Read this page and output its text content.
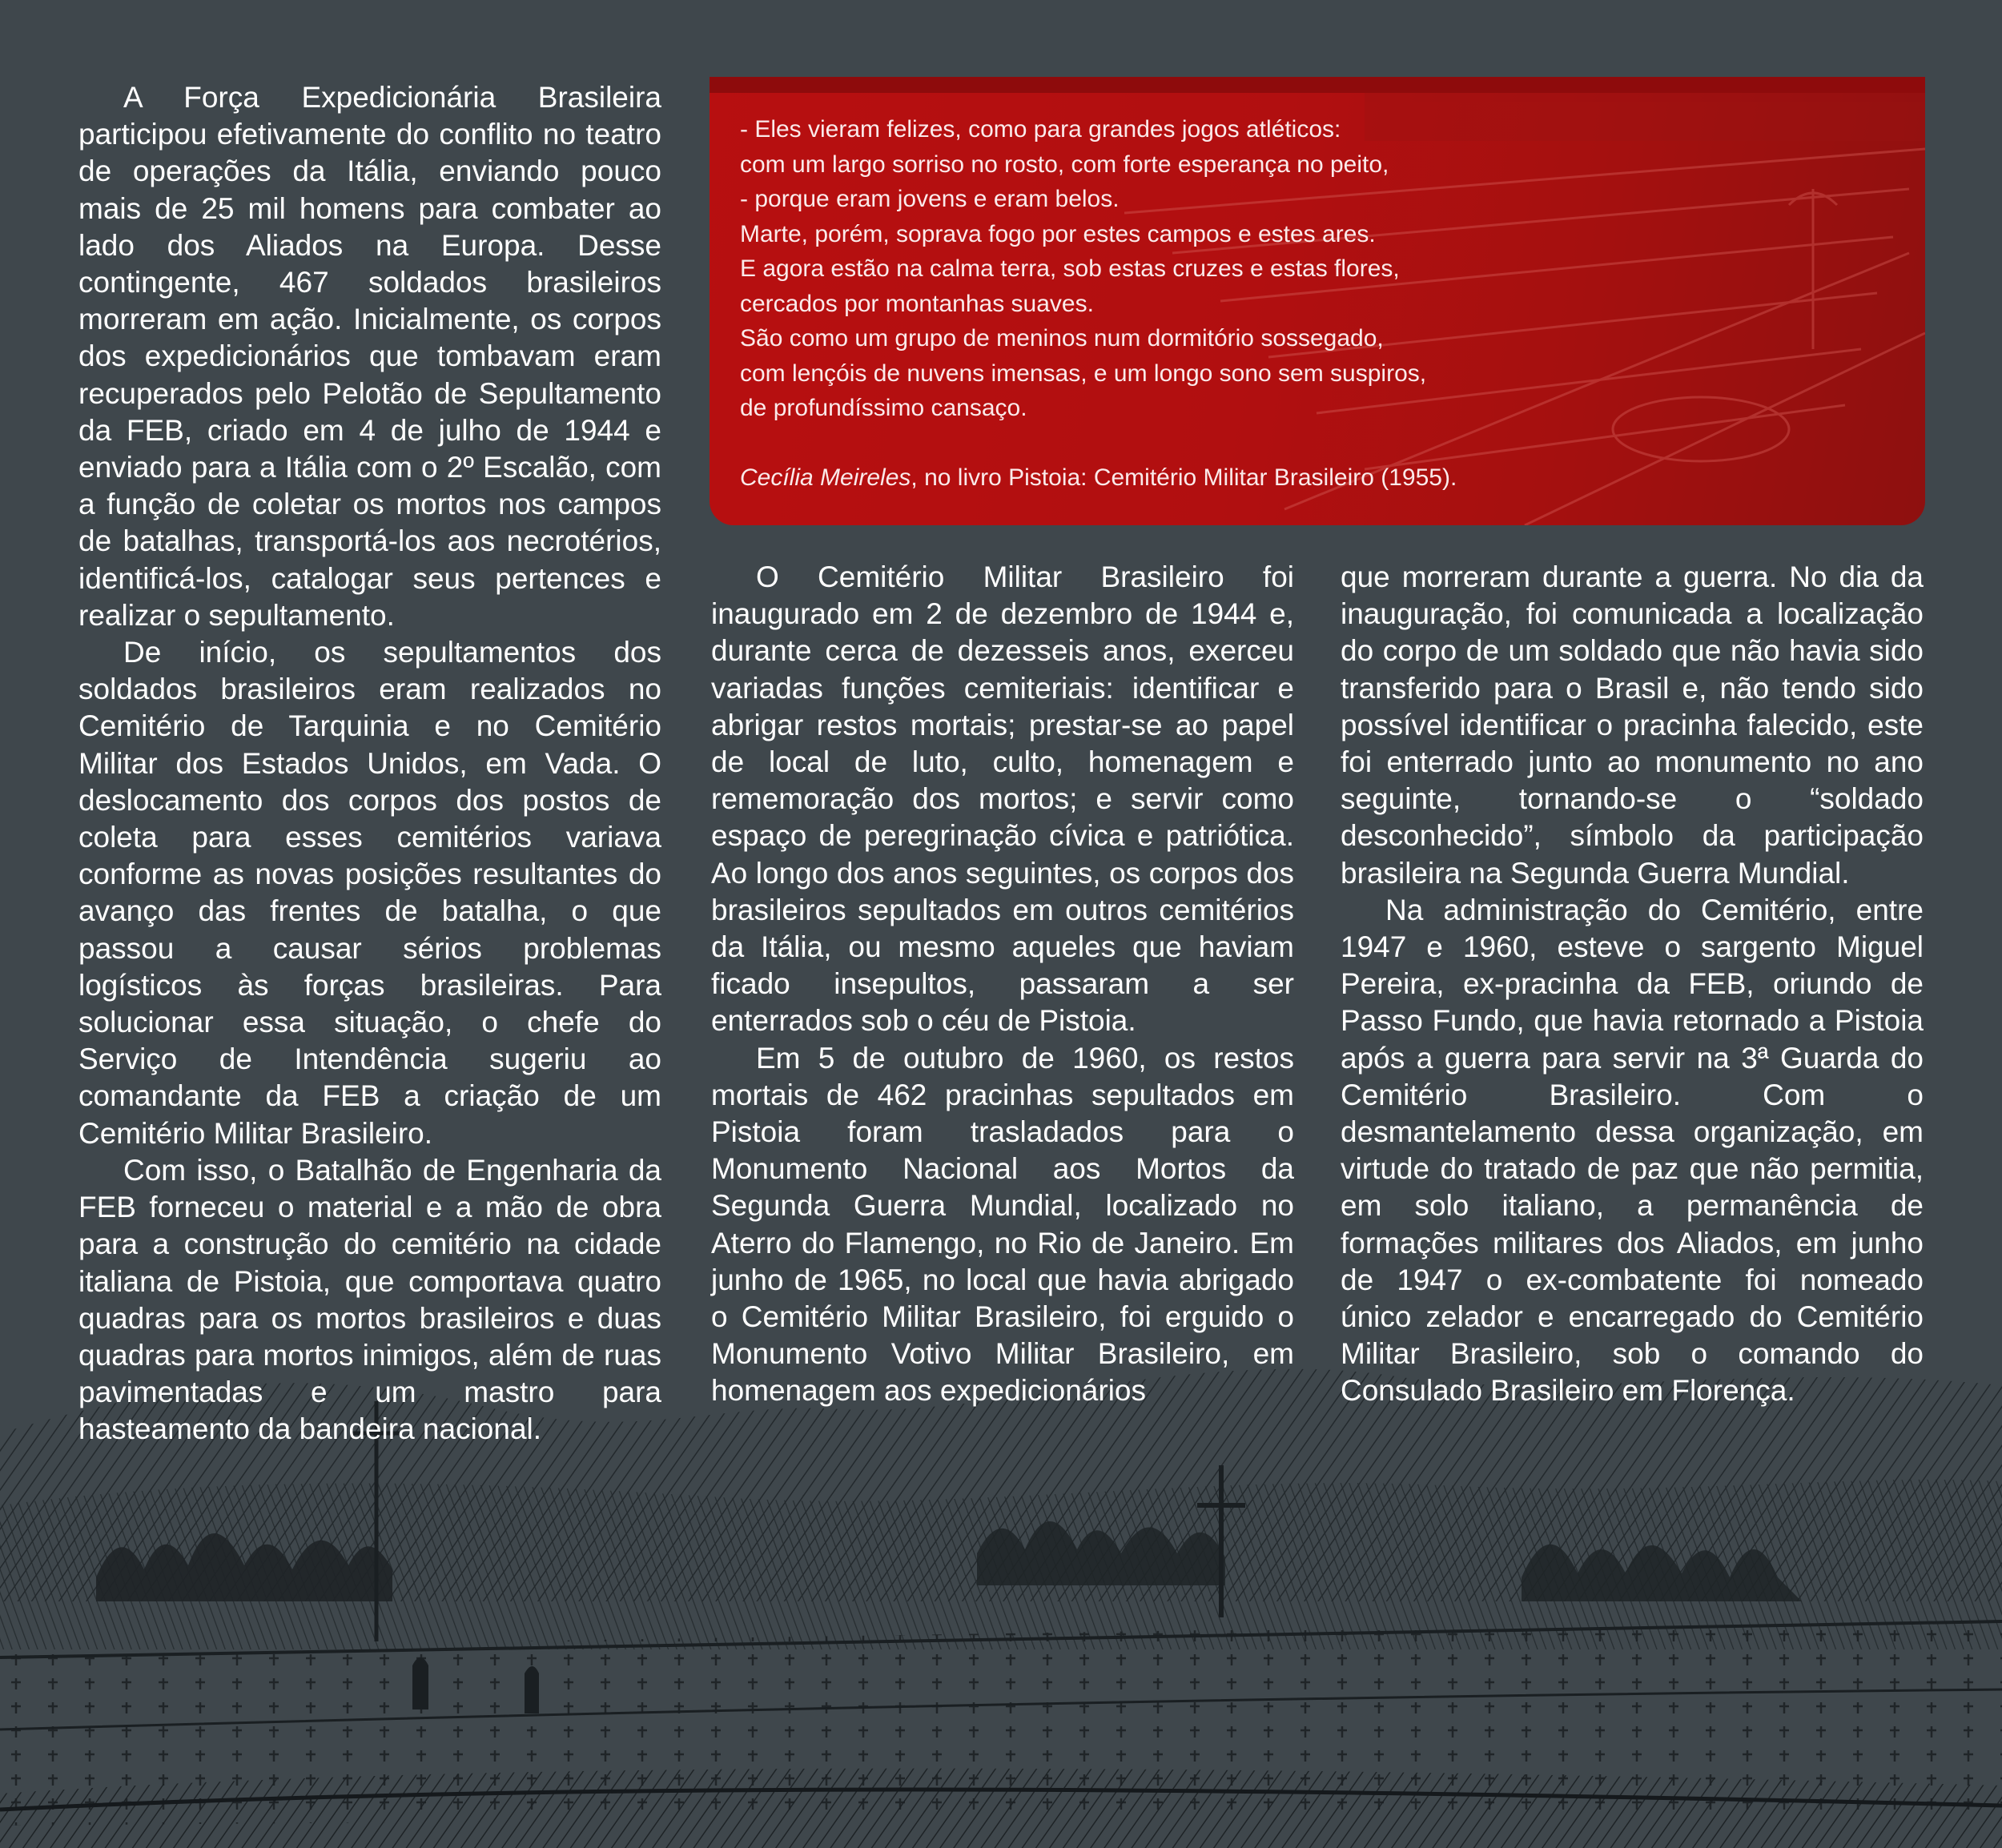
A Força Expedicionária Brasileira participou efetivamente do conflito no teatro de operações da Itália, enviando pouco mais de 25 mil homens para combater ao lado dos Aliados na Europa. Desse contingente, 467 soldados brasileiros morreram em ação. Inicialmente, os corpos dos expedicionários que tombavam eram recuperados pelo Pelotão de Sepultamento da FEB, criado em 4 de julho de 1944 e enviado para a Itália com o 2º Escalão, com a função de coletar os mortos nos campos de batalhas, transportá-los aos necrotérios, identificá-los, catalogar seus pertences e realizar o sepultamento.

De início, os sepultamentos dos soldados brasileiros eram realizados no Cemitério de Tarquinia e no Cemitério Militar dos Estados Unidos, em Vada. O deslocamento dos corpos dos postos de coleta para esses cemitérios variava conforme as novas posições resultantes do avanço das frentes de batalha, o que passou a causar sérios problemas logísticos às forças brasileiras. Para solucionar essa situação, o chefe do Serviço de Intendência sugeriu ao comandante da FEB a criação de um Cemitério Militar Brasileiro.

Com isso, o Batalhão de Engenharia da FEB forneceu o material e a mão de obra para a construção do cemitério na cidade italiana de Pistoia, que comportava quatro quadras para os mortos brasileiros e duas quadras para mortos inimigos, além de ruas pavimentadas e um mastro para hasteamento da bandeira nacional.

- Eles vieram felizes, como para grandes jogos atléticos:
com um largo sorriso no rosto, com forte esperança no peito,
- porque eram jovens e eram belos.
Marte, porém, soprava fogo por estes campos e estes ares.
E agora estão na calma terra, sob estas cruzes e estas flores,
cercados por montanhas suaves.
São como um grupo de meninos num dormitório sossegado,
com lençóis de nuvens imensas, e um longo sono sem suspiros,
de profundíssimo cansaço.
Cecília Meireles, no livro Pistoia: Cemitério Militar Brasileiro (1955).

O Cemitério Militar Brasileiro foi inaugurado em 2 de dezembro de 1944 e, durante cerca de dezesseis anos, exerceu variadas funções cemiteriais: identificar e abrigar restos mortais; prestar-se ao papel de local de luto, culto, homenagem e rememoração dos mortos; e servir como espaço de peregrinação cívica e patriótica. Ao longo dos anos seguintes, os corpos dos brasileiros sepultados em outros cemitérios da Itália, ou mesmo aqueles que haviam ficado insepultos, passaram a ser enterrados sob o céu de Pistoia.

Em 5 de outubro de 1960, os restos mortais de 462 pracinhas sepultados em Pistoia foram trasladados para o Monumento Nacional aos Mortos da Segunda Guerra Mundial, localizado no Aterro do Flamengo, no Rio de Janeiro. Em junho de 1965, no local que havia abrigado o Cemitério Militar Brasileiro, foi erguido o Monumento Votivo Militar Brasileiro, em homenagem aos expedicionários

que morreram durante a guerra. No dia da inauguração, foi comunicada a localização do corpo de um soldado que não havia sido transferido para o Brasil e, não tendo sido possível identificar o pracinha falecido, este foi enterrado junto ao monumento no ano seguinte, tornando-se o “soldado desconhecido”, símbolo da participação brasileira na Segunda Guerra Mundial.

Na administração do Cemitério, entre 1947 e 1960, esteve o sargento Miguel Pereira, ex-pracinha da FEB, oriundo de Passo Fundo, que havia retornado a Pistoia após a guerra para servir na 3ª Guarda do Cemitério Brasileiro. Com o desmantelamento dessa organização, em virtude do tratado de paz que não permitia, em solo italiano, a permanência de formações militares dos Aliados, em junho de 1947 o ex-combatente foi nomeado único zelador e encarregado do Cemitério Militar Brasileiro, sob o comando do Consulado Brasileiro em Florença.
